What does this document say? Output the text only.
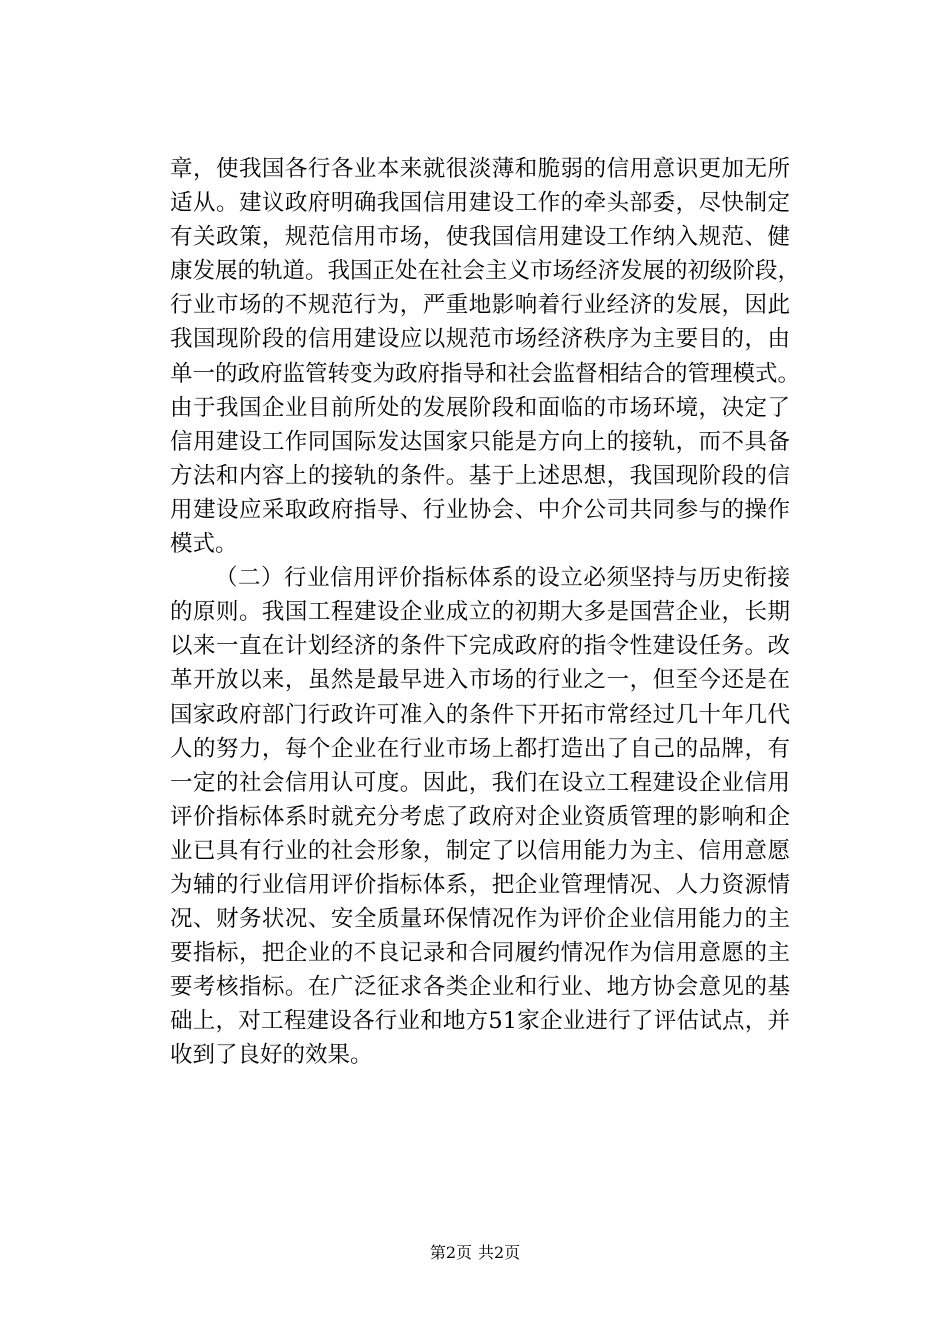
章，使我国各行各业本来就很淡薄和脆弱的信用意识更加无所
适从。建议政府明确我国信用建设工作的牵头部委，尽快制定
有关政策，规范信用市场，使我国信用建设工作纳入规范、健
康发展的轨道。我国正处在社会主义市场经济发展的初级阶段，
行业市场的不规范行为，严重地影响着行业经济的发展，因此
我国现阶段的信用建设应以规范市场经济秩序为主要目的，由
单一的政府监管转变为政府指导和社会监督相结合的管理模式。
由于我国企业目前所处的发展阶段和面临的市场环境，决定了
信用建设工作同国际发达国家只能是方向上的接轨，而不具备
方法和内容上的接轨的条件。基于上述思想，我国现阶段的信
用建设应采取政府指导、行业协会、中介公司共同参与的操作
模式。
（二）行业信用评价指标体系的设立必须坚持与历史衔接
的原则。我国工程建设企业成立的初期大多是国营企业，长期
以来一直在计划经济的条件下完成政府的指令性建设任务。改
革开放以来，虽然是最早进入市场的行业之一，但至今还是在
国家政府部门行政许可准入的条件下开拓市常经过几十年几代
人的努力，每个企业在行业市场上都打造出了自己的品牌，有
一定的社会信用认可度。因此，我们在设立工程建设企业信用
评价指标体系时就充分考虑了政府对企业资质管理的影响和企
业已具有行业的社会形象，制定了以信用能力为主、信用意愿
为辅的行业信用评价指标体系，把企业管理情况、人力资源情
况、财务状况、安全质量环保情况作为评价企业信用能力的主
要指标，把企业的不良记录和合同履约情况作为信用意愿的主
要考核指标。在广泛征求各类企业和行业、地方协会意见的基
础上，对工程建设各行业和地方51家企业进行了评估试点，并
收到了良好的效果。
第2页 共2页
